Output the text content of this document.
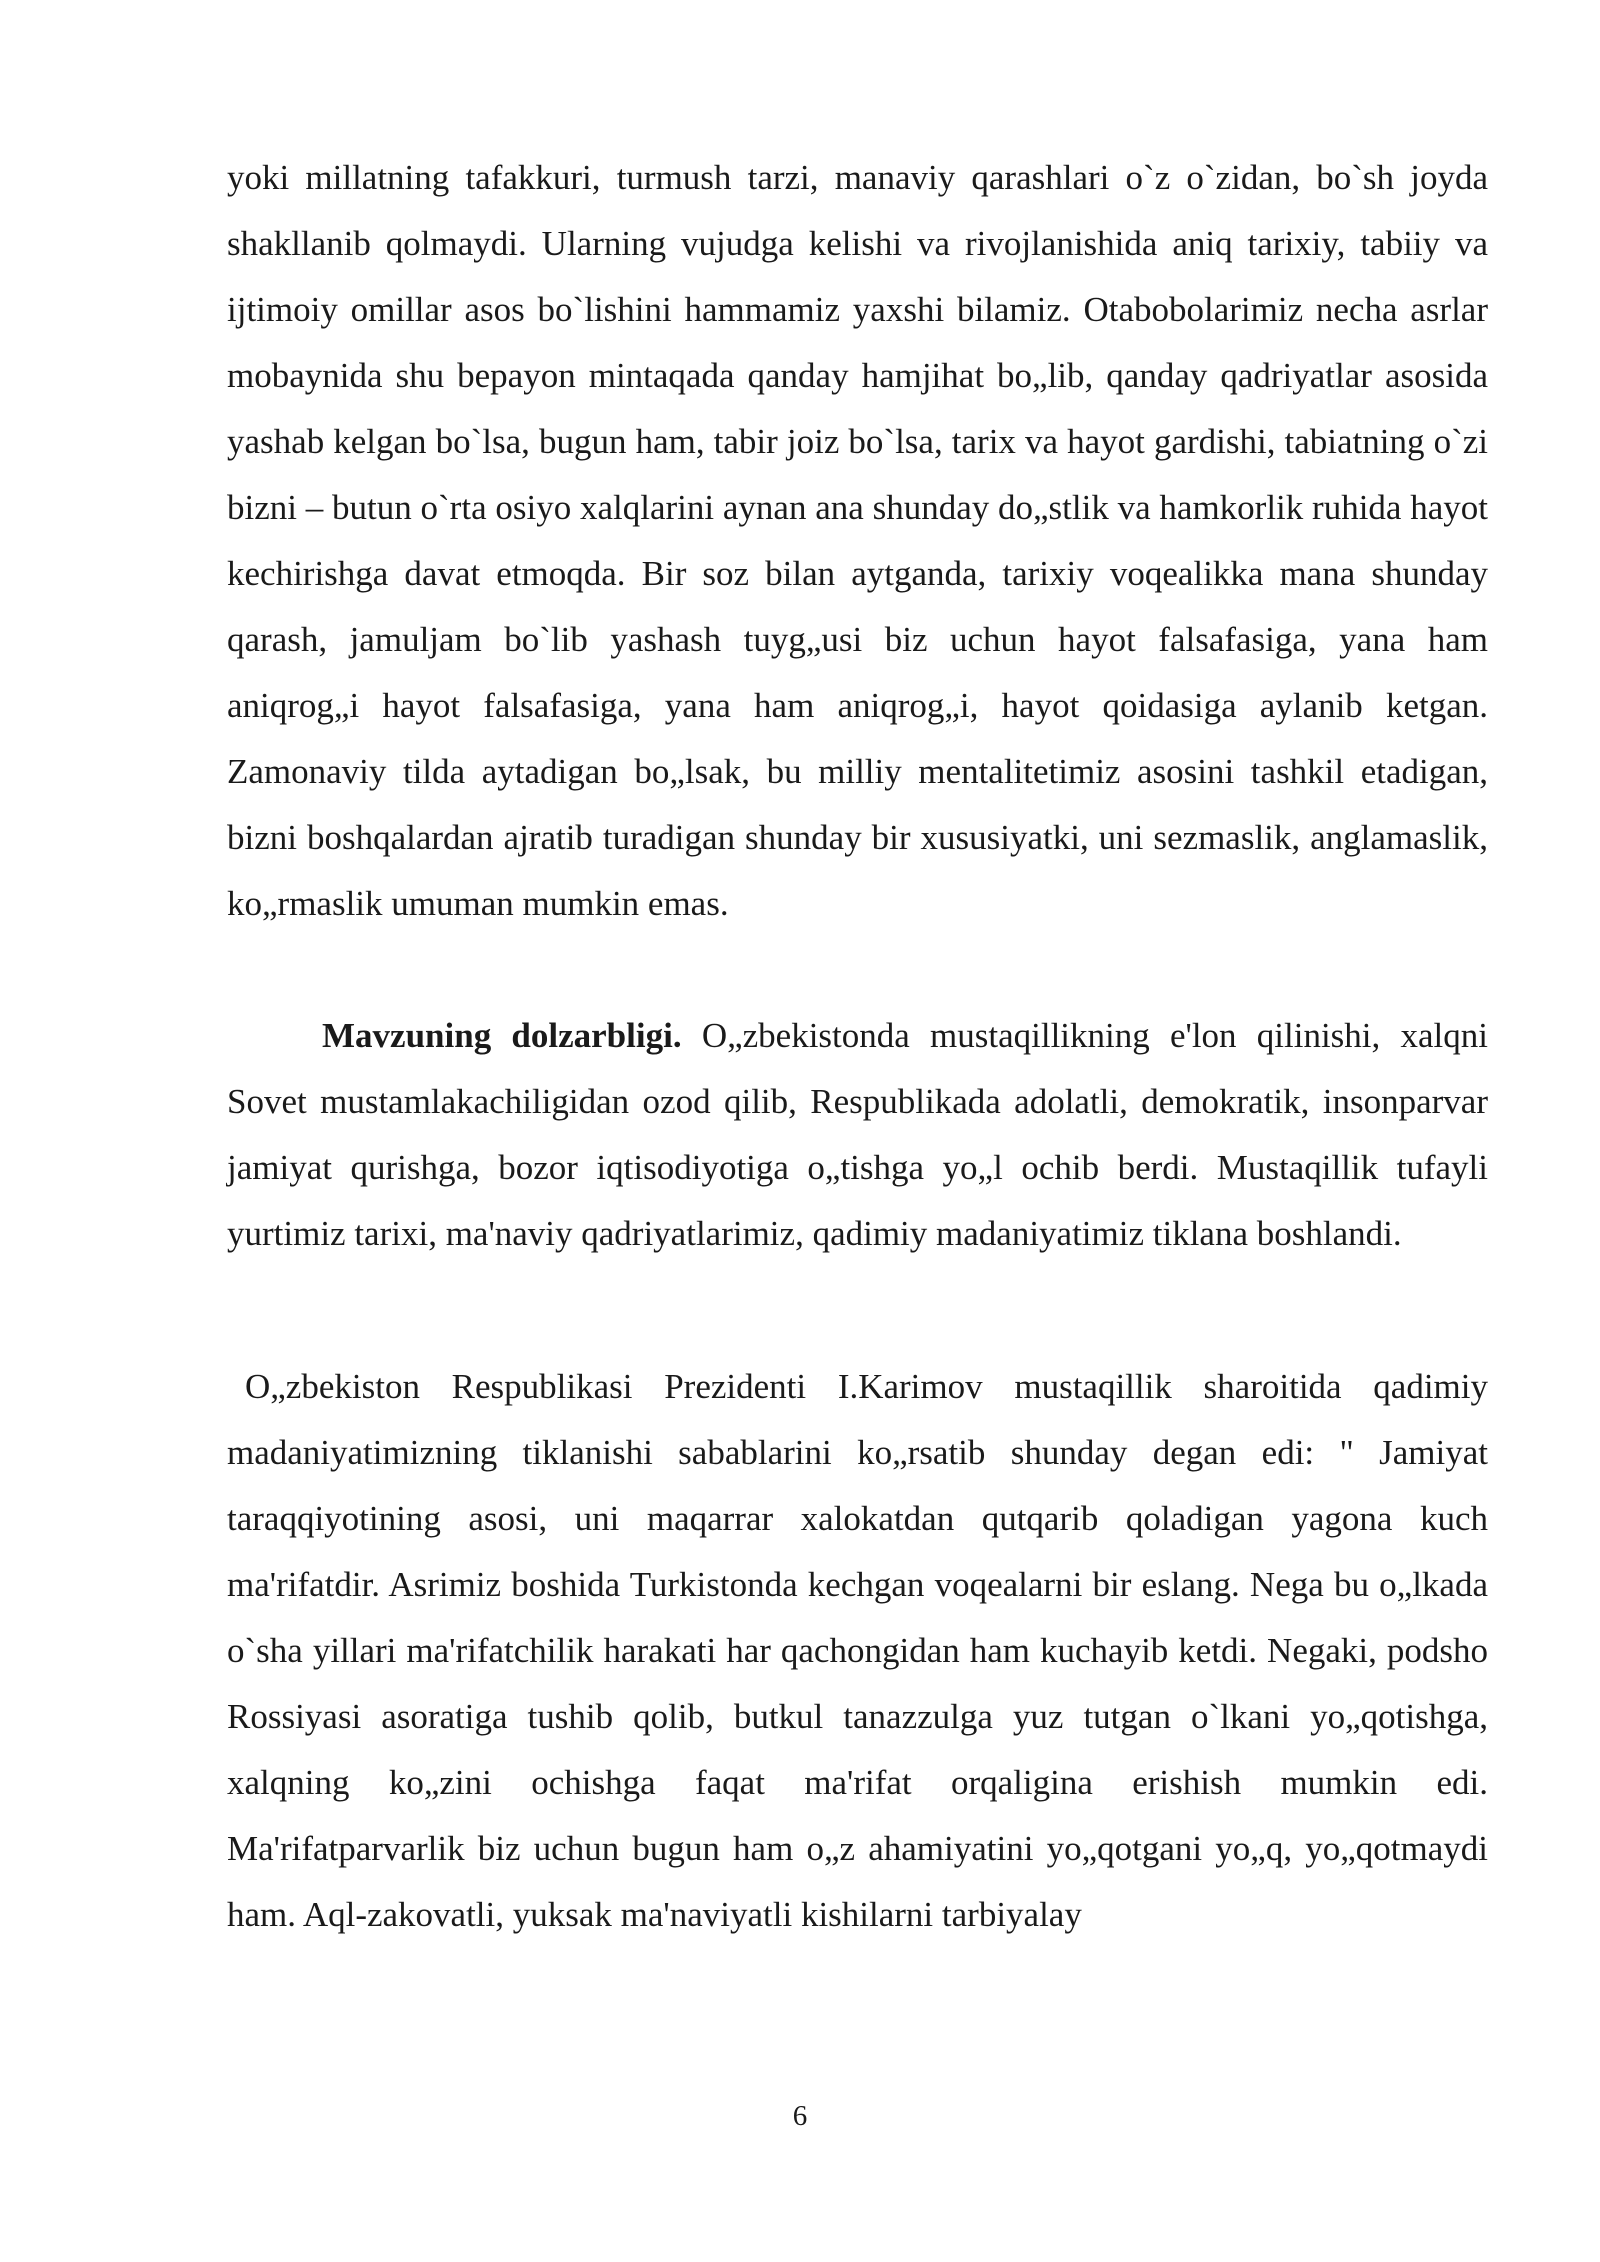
yoki millatning tafakkuri, turmush tarzi, manaviy qarashlari o`z o`zidan, bo`sh joyda shakllanib qolmaydi. Ularning vujudga kelishi va rivojlanishida aniq tarixiy, tabiiy va ijtimoiy omillar asos bo`lishini hammamiz yaxshi bilamiz. Otabobolarimiz necha asrlar mobaynida shu bepayon mintaqada qanday hamjihat bo„lib, qanday qadriyatlar asosida yashab kelgan bo`lsa, bugun ham, tabir joiz bo`lsa, tarix va hayot gardishi, tabiatning o`zi bizni – butun o`rta osiyo xalqlarini aynan ana shunday do„stlik va hamkorlik ruhida hayot kechirishga davat etmoqda. Bir soz bilan aytganda, tarixiy voqealikka mana shunday qarash, jamuljam bo`lib yashash tuyg„usi biz uchun hayot falsafasiga, yana ham aniqrog„i hayot falsafasiga, yana ham aniqrog„i, hayot qoidasiga aylanib ketgan. Zamonaviy tilda aytadigan bo„lsak, bu milliy mentalitetimiz asosini tashkil etadigan, bizni boshqalardan ajratib turadigan shunday bir xususiyatki, uni sezmaslik, anglamaslik, ko„rmaslik umuman mumkin emas.

Mavzuning dolzarbligi. O„zbekistonda mustaqillikning e'lon qilinishi, xalqni Sovet mustamlakachiligidan ozod qilib, Respublikada adolatli, demokratik, insonparvar jamiyat qurishga, bozor iqtisodiyotiga o„tishga yo„l ochib berdi. Mustaqillik tufayli yurtimiz tarixi, ma'naviy qadriyatlarimiz, qadimiy madaniyatimiz tiklana boshlandi.

O„zbekiston Respublikasi Prezidenti I.Karimov mustaqillik sharoitida qadimiy madaniyatimizning tiklanishi sabablarini ko„rsatib shunday degan edi: " Jamiyat taraqqiyotining asosi, uni maqarrar xalokatdan qutqarib qoladigan yagona kuch ma'rifatdir. Asrimiz boshida Turkistonda kechgan voqealarni bir eslang. Nega bu o„lkada o`sha yillari ma'rifatchilik harakati har qachongidan ham kuchayib ketdi. Negaki, podsho Rossiyasi asoratiga tushib qolib, butkul tanazzulga yuz tutgan o`lkani yo„qotishga, xalqning ko„zini ochishga faqat ma'rifat orqaligina erishish mumkin edi. Ma'rifatparvarlik biz uchun bugun ham o„z ahamiyatini yo„qotgani yo„q, yo„qotmaydi ham. Aql-zakovatli, yuksak ma'naviyatli kishilarni tarbiyalay

6
